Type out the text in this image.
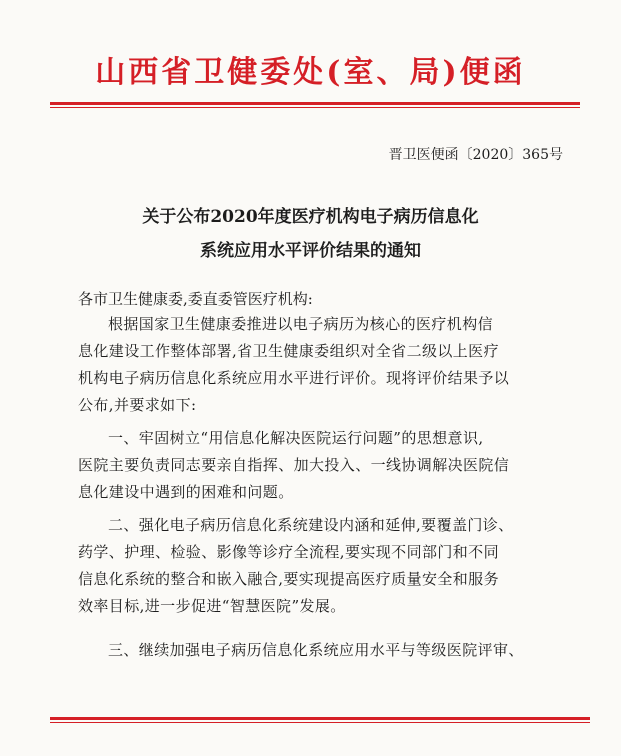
山西省卫健委处(室、局)便函
晋卫医便函〔2020〕365号
关于公布2020年度医疗机构电子病历信息化
系统应用水平评价结果的通知
各市卫生健康委,委直委管医疗机构:
根据国家卫生健康委推进以电子病历为核心的医疗机构信
息化建设工作整体部署,省卫生健康委组织对全省二级以上医疗
机构电子病历信息化系统应用水平进行评价。现将评价结果予以
公布,并要求如下:
一、牢固树立“用信息化解决医院运行问题”的思想意识,
医院主要负责同志要亲自指挥、加大投入、一线协调解决医院信
息化建设中遇到的困难和问题。
二、强化电子病历信息化系统建设内涵和延伸,要覆盖门诊、
药学、护理、检验、影像等诊疗全流程,要实现不同部门和不同
信息化系统的整合和嵌入融合,要实现提高医疗质量安全和服务
效率目标,进一步促进“智慧医院”发展。
三、继续加强电子病历信息化系统应用水平与等级医院评审、
